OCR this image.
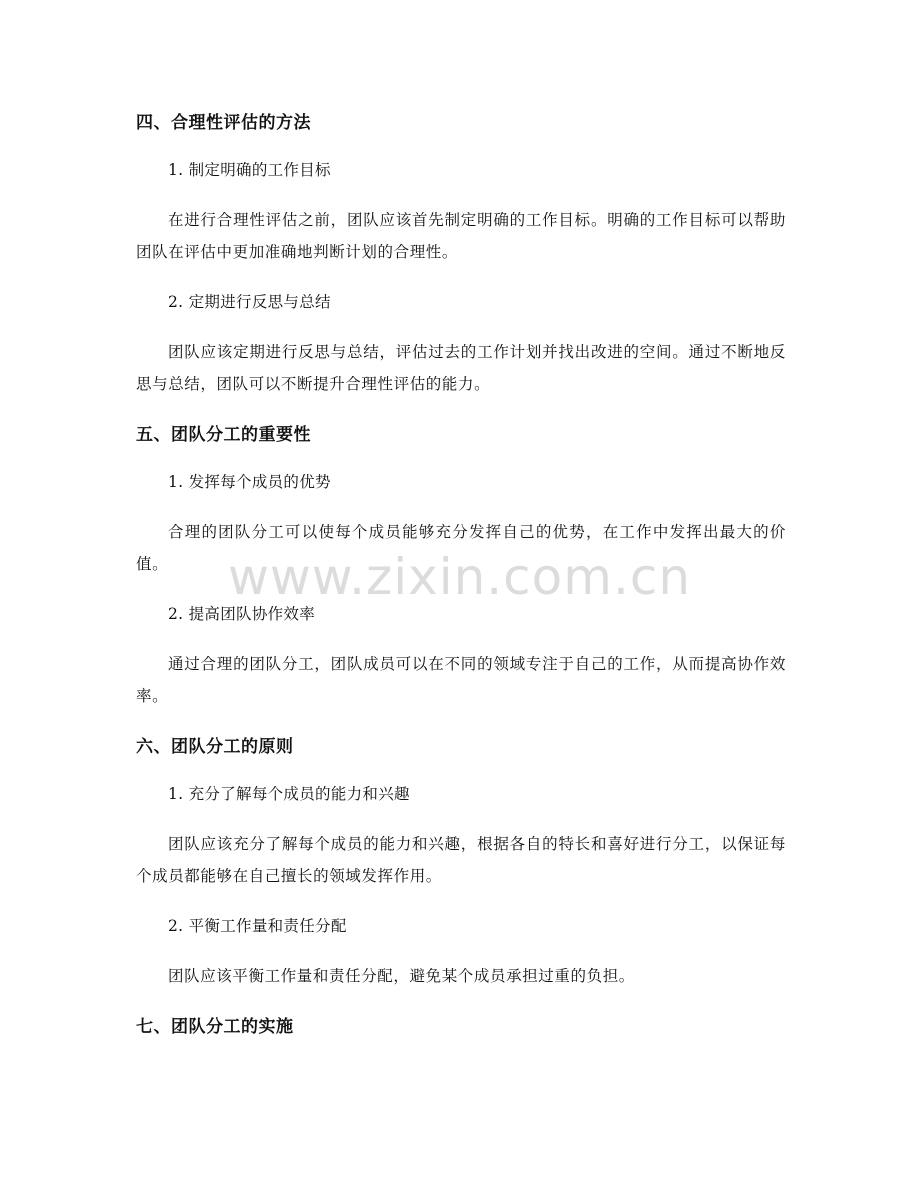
四、合理性评估的方法
1. 制定明确的工作目标
在进行合理性评估之前，团队应该首先制定明确的工作目标。明确的工作目标可以帮助团队在评估中更加准确地判断计划的合理性。
2. 定期进行反思与总结
团队应该定期进行反思与总结，评估过去的工作计划并找出改进的空间。通过不断地反思与总结，团队可以不断提升合理性评估的能力。
五、团队分工的重要性
1. 发挥每个成员的优势
合理的团队分工可以使每个成员能够充分发挥自己的优势，在工作中发挥出最大的价值。
2. 提高团队协作效率
通过合理的团队分工，团队成员可以在不同的领域专注于自己的工作，从而提高协作效率。
六、团队分工的原则
1. 充分了解每个成员的能力和兴趣
团队应该充分了解每个成员的能力和兴趣，根据各自的特长和喜好进行分工，以保证每个成员都能够在自己擅长的领域发挥作用。
2. 平衡工作量和责任分配
团队应该平衡工作量和责任分配，避免某个成员承担过重的负担。
七、团队分工的实施
www.zixin.com.cn
